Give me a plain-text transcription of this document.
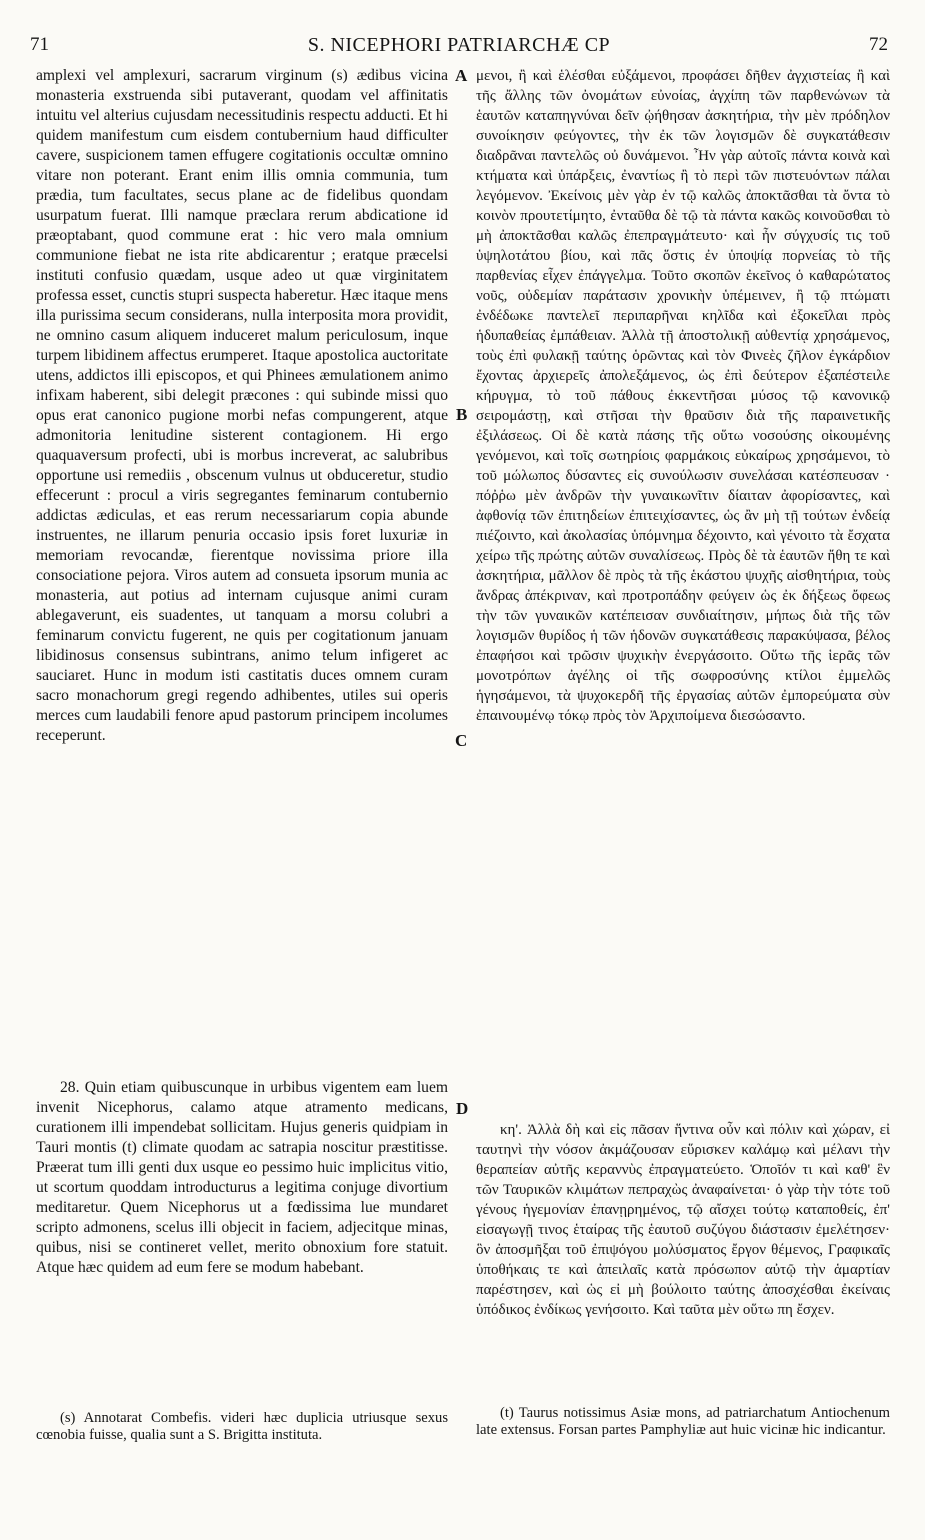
71	S. NICEPHORI PATRIARCHÆ CP	72

amplexi vel amplexuri, sacrarum virginum (s) ædibus vicina monasteria exstruenda sibi putaverant, quodam vel affinitatis intuitu vel alterius cujusdam necessitudinis respectu adducti. Et hi quidem manifestum cum eisdem contubernium haud difficulter cavere, suspicionem tamen effugere cogitationis occultæ omnino vitare non poterant. Erant enim illis omnia communia, tum prædia, tum facultates, secus plane ac de fidelibus quondam usurpatum fuerat. Illi namque præclara rerum abdicatione id præoptabant, quod commune erat : hic vero mala omnium communione fiebat ne ista rite abdicarentur ; eratque præcelsi instituti confusio quædam, usque adeo ut quæ virginitatem professa esset, cunctis stupri suspecta haberetur. Hæc itaque mens illa purissima secum considerans, nulla interposita mora providit, ne omnino casum aliquem induceret malum periculosum, inque turpem libidinem affectus erumperet. Itaque apostolica auctoritate utens, addictos illi episcopos, et qui Phinees æmulationem animo infixam haberent, sibi delegit præcones : qui subinde missi quo opus erat canonico pugione morbi nefas compungerent, atque admonitoria lenitudine sisterent contagionem. Hi ergo quaquaversum profecti, ubi is morbus increverat, ac salubribus opportune usi remediis , obscenum vulnus ut obduceretur, studio effecerunt : procul a viris segregantes feminarum contubernio addictas ædiculas, et eas rerum necessariarum copia abunde instruentes, ne illarum penuria occasio ipsis foret luxuriæ in memoriam revocandæ, fierentque novissima priore illa consociatione pejora. Viros autem ad consueta ipsorum munia ac monasteria, aut potius ad internam cujusque animi curam ablegaverunt, eis suadentes, ut tanquam a morsu colubri a feminarum convictu fugerent, ne quis per cogitationum januam libidinosus consensus subintrans, animo telum infigeret ac sauciaret. Hunc in modum isti castitatis duces omnem curam sacro monachorum gregi regendo adhibentes, utiles sui operis merces cum laudabili fenore apud pastorum principem incolumes receperunt.

28. Quin etiam quibuscunque in urbibus vigentem eam luem invenit Nicephorus, calamo atque atramento medicans, curationem illi impendebat sollicitam. Hujus generis quidpiam in Tauri montis (t) climate quodam ac satrapia noscitur præstitisse. Præerat tum illi genti dux usque eo pessimo huic implicitus vitio, ut scortum quoddam introducturus a legitima conjuge divortium meditaretur. Quem Nicephorus ut a fœdissima lue mundaret scripto admonens, scelus illi objecit in faciem, adjecitque minas, quibus, nisi se contineret vellet, merito obnoxium fore statuit. Atque hæc quidem ad eum fere se modum habebant.

(s) Annotarat Combefis. videri hæc duplicia utriusque sexus cœnobia fuisse, qualia sunt a S. Brigitta instituta.

μενοι, ἢ καὶ ἑλέσθαι εὐξάμενοι, προφάσει δῆθεν ἀγχιστείας ἢ καὶ τῆς ἄλλης τῶν ὀνομάτων εὐνοίας, ἀγχίπη τῶν παρθενώνων τὰ ἑαυτῶν καταπηγνύναι δεῖν ᾠήθησαν ἀσκητήρια, τὴν μὲν πρόδηλον συνοίκησιν φεύγοντες, τὴν ἐκ τῶν λογισμῶν δὲ συγκατάθεσιν διαδρᾶναι παντελῶς οὐ δυνάμενοι. Ἦν γὰρ αὐτοῖς πάντα κοινὰ καὶ κτήματα καὶ ὑπάρξεις, ἐναντίως ἢ τὸ περὶ τῶν πιστευόντων πάλαι λεγόμενον. Ἐκείνοις μὲν γὰρ ἐν τῷ καλῶς ἀποκτᾶσθαι τὰ ὄντα τὸ κοινὸν προυτετίμητο, ἐνταῦθα δὲ τῷ τὰ πάντα κακῶς κοινοῦσθαι τὸ μὴ ἀποκτᾶσθαι καλῶς ἐπεπραγμάτευτο· καὶ ἦν σύγχυσίς τις τοῦ ὑψηλοτάτου βίου, καὶ πᾶς ὅστις ἐν ὑποψίᾳ πορνείας τὸ τῆς παρθενίας εἶχεν ἐπάγγελμα. Τοῦτο σκοπῶν ἐκεῖνος ὁ καθαρώτατος νοῦς, οὐδεμίαν παράτασιν χρονικὴν ὑπέμεινεν, ἢ τῷ πτώματι ἐνδέδωκε παντελεῖ περιπαρῆναι κηλῖδα καὶ ἐξοκεῖλαι πρὸς ἡδυπαθείας ἐμπάθειαν. Ἀλλὰ τῇ ἀποστολικῇ αὐθεντίᾳ χρησάμενος, τοὺς ἐπὶ φυλακῇ ταύτης ὁρῶντας καὶ τὸν Φινεὲς ζῆλον ἐγκάρδιον ἔχοντας ἀρχιερεῖς ἀπολεξάμενος, ὡς ἐπὶ δεύτερον ἐξαπέστειλε κήρυγμα, τὸ τοῦ πάθους ἐκκεντῆσαι μύσος τῷ κανονικῷ σειρομάστῃ, καὶ στῆσαι τὴν θραῦσιν διὰ τῆς παραινετικῆς ἐξιλάσεως. Οἱ δὲ κατὰ πάσης τῆς οὕτω νοσούσης οἰκουμένης γενόμενοι, καὶ τοῖς σωτηρίοις φαρμάκοις εὐκαίρως χρησάμενοι, τὸ τοῦ μώλωπος δύσαντες εἰς συνούλωσιν συνελάσαι κατέσπευσαν · πόῤῥω μὲν ἀνδρῶν τὴν γυναικωνῖτιν δίαιταν ἀφορίσαντες, καὶ ἀφθονίᾳ τῶν ἐπιτηδείων ἐπιτειχίσαντες, ὡς ἂν μὴ τῇ τούτων ἐνδείᾳ πιέζοιντο, καὶ ἀκολασίας ὑπόμνημα δέχοιντο, καὶ γένοιτο τὰ ἔσχατα χείρω τῆς πρώτης αὐτῶν συναλίσεως. Πρὸς δὲ τὰ ἑαυτῶν ἤθη τε καὶ ἀσκητήρια, μᾶλλον δὲ πρὸς τὰ τῆς ἑκάστου ψυχῆς αἰσθητήρια, τοὺς ἄνδρας ἀπέκριναν, καὶ προτροπάδην φεύγειν ὡς ἐκ δήξεως ὄφεως τὴν τῶν γυναικῶν κατέπεισαν συνδιαίτησιν, μήπως διὰ τῆς τῶν λογισμῶν θυρίδος ἡ τῶν ἡδονῶν συγκατάθεσις παρακύψασα, βέλος ἐπαφήσοι καὶ τρῶσιν ψυχικὴν ἐνεργάσοιτο. Οὕτω τῆς ἱερᾶς τῶν μονοτρόπων ἀγέλης οἱ τῆς σωφροσύνης κτίλοι ἐμμελῶς ἡγησάμενοι, τὰ ψυχοκερδῆ τῆς ἐργασίας αὐτῶν ἐμπορεύματα σὺν ἐπαινουμένῳ τόκῳ πρὸς τὸν Ἀρχιποίμενα διεσώσαντο.

κη'. Ἀλλὰ δὴ καὶ εἰς πᾶσαν ἥντινα οὖν καὶ πόλιν καὶ χώραν, εἰ ταυτηνὶ τὴν νόσον ἀκμάζουσαν εὕρισκεν καλάμῳ καὶ μέλανι τὴν θεραπείαν αὐτῆς κεραννὺς ἐπραγματεύετο. Ὁποῖόν τι καὶ καθ' ἓν τῶν Ταυρικῶν κλιμάτων πεπραχὼς ἀναφαίνεται· ὁ γὰρ τὴν τότε τοῦ γένους ἡγεμονίαν ἐπανῃρημένος, τῷ αἴσχει τούτῳ καταποθείς, ἐπ' εἰσαγωγῇ τινος ἑταίρας τῆς ἑαυτοῦ συζύγου διάστασιν ἐμελέτησεν· ὃν ἀποσμῆξαι τοῦ ἐπιψόγου μολύσματος ἔργον θέμενος, Γραφικαῖς ὑποθήκαις τε καὶ ἀπειλαῖς κατὰ πρόσωπον αὐτῷ τὴν ἁμαρτίαν παρέστησεν, καὶ ὡς εἰ μὴ βούλοιτο ταύτης ἀποσχέσθαι ἐκείναις ὑπόδικος ἐνδίκως γενήσοιτο. Καὶ ταῦτα μὲν οὕτω πη ἔσχεν.

(t) Taurus notissimus Asiæ mons, ad patriarchatum Antiochenum late extensus. Forsan partes Pamphyliæ aut huic vicinæ hic indicantur.

A
B
C
D
